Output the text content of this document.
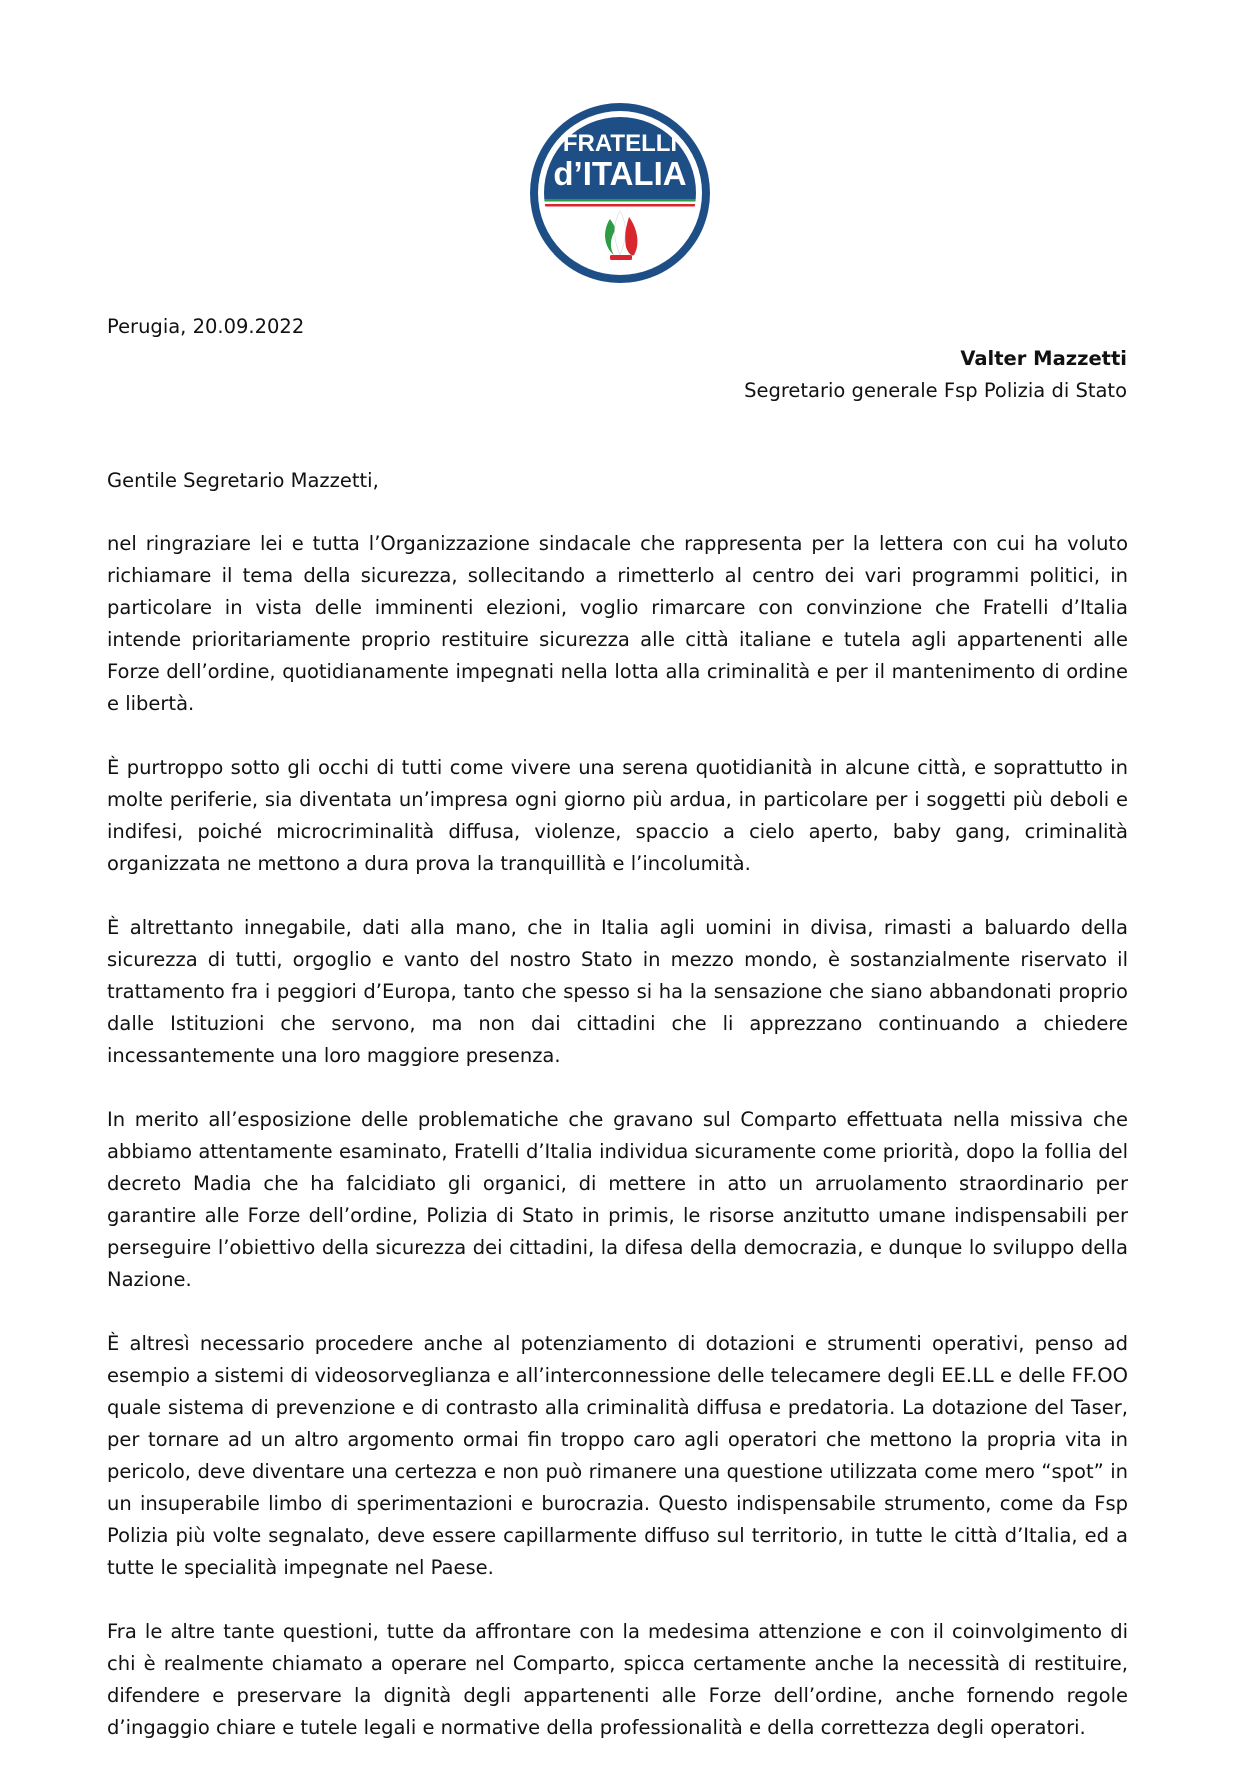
FRATELLI
d’ITALIA
Perugia, 20.09.2022
Valter Mazzetti
Segretario generale Fsp Polizia di Stato

Gentile Segretario Mazzetti,

nel ringraziare lei e tutta l’Organizzazione sindacale che rappresenta per la lettera con cui ha voluto richiamare il tema della sicurezza, sollecitando a rimetterlo al centro dei vari programmi politici, in particolare in vista delle imminenti elezioni, voglio rimarcare con convinzione che Fratelli d’Italia intende prioritariamente proprio restituire sicurezza alle città italiane e tutela agli appartenenti alle Forze dell’ordine, quotidianamente impegnati nella lotta alla criminalità e per il mantenimento di ordine e libertà.

È purtroppo sotto gli occhi di tutti come vivere una serena quotidianità in alcune città, e soprattutto in molte periferie, sia diventata un’impresa ogni giorno più ardua, in particolare per i soggetti più deboli e indifesi, poiché microcriminalità diffusa, violenze, spaccio a cielo aperto, baby gang, criminalità organizzata ne mettono a dura prova la tranquillità e l’incolumità.

È altrettanto innegabile, dati alla mano, che in Italia agli uomini in divisa, rimasti a baluardo della sicurezza di tutti, orgoglio e vanto del nostro Stato in mezzo mondo, è sostanzialmente riservato il trattamento fra i peggiori d’Europa, tanto che spesso si ha la sensazione che siano abbandonati proprio dalle Istituzioni che servono, ma non dai cittadini che li apprezzano continuando a chiedere incessantemente una loro maggiore presenza.

In merito all’esposizione delle problematiche che gravano sul Comparto effettuata nella missiva che abbiamo attentamente esaminato, Fratelli d’Italia individua sicuramente come priorità, dopo la follia del decreto Madia che ha falcidiato gli organici, di mettere in atto un arruolamento straordinario per garantire alle Forze dell’ordine, Polizia di Stato in primis, le risorse anzitutto umane indispensabili per perseguire l’obiettivo della sicurezza dei cittadini, la difesa della democrazia, e dunque lo sviluppo della Nazione.

È altresì necessario procedere anche al potenziamento di dotazioni e strumenti operativi, penso ad esempio a sistemi di videosorveglianza e all’interconnessione delle telecamere degli EE.LL e delle FF.OO quale sistema di prevenzione e di contrasto alla criminalità diffusa e predatoria. La dotazione del Taser, per tornare ad un altro argomento ormai fin troppo caro agli operatori che mettono la propria vita in pericolo, deve diventare una certezza e non può rimanere una questione utilizzata come mero “spot” in un insuperabile limbo di sperimentazioni e burocrazia. Questo indispensabile strumento, come da Fsp Polizia più volte segnalato, deve essere capillarmente diffuso sul territorio, in tutte le città d’Italia, ed a tutte le specialità impegnate nel Paese.

Fra le altre tante questioni, tutte da affrontare con la medesima attenzione e con il coinvolgimento di chi è realmente chiamato a operare nel Comparto, spicca certamente anche la necessità di restituire, difendere e preservare la dignità degli appartenenti alle Forze dell’ordine, anche fornendo regole d’ingaggio chiare e tutele legali e normative della professionalità e della correttezza degli operatori.
